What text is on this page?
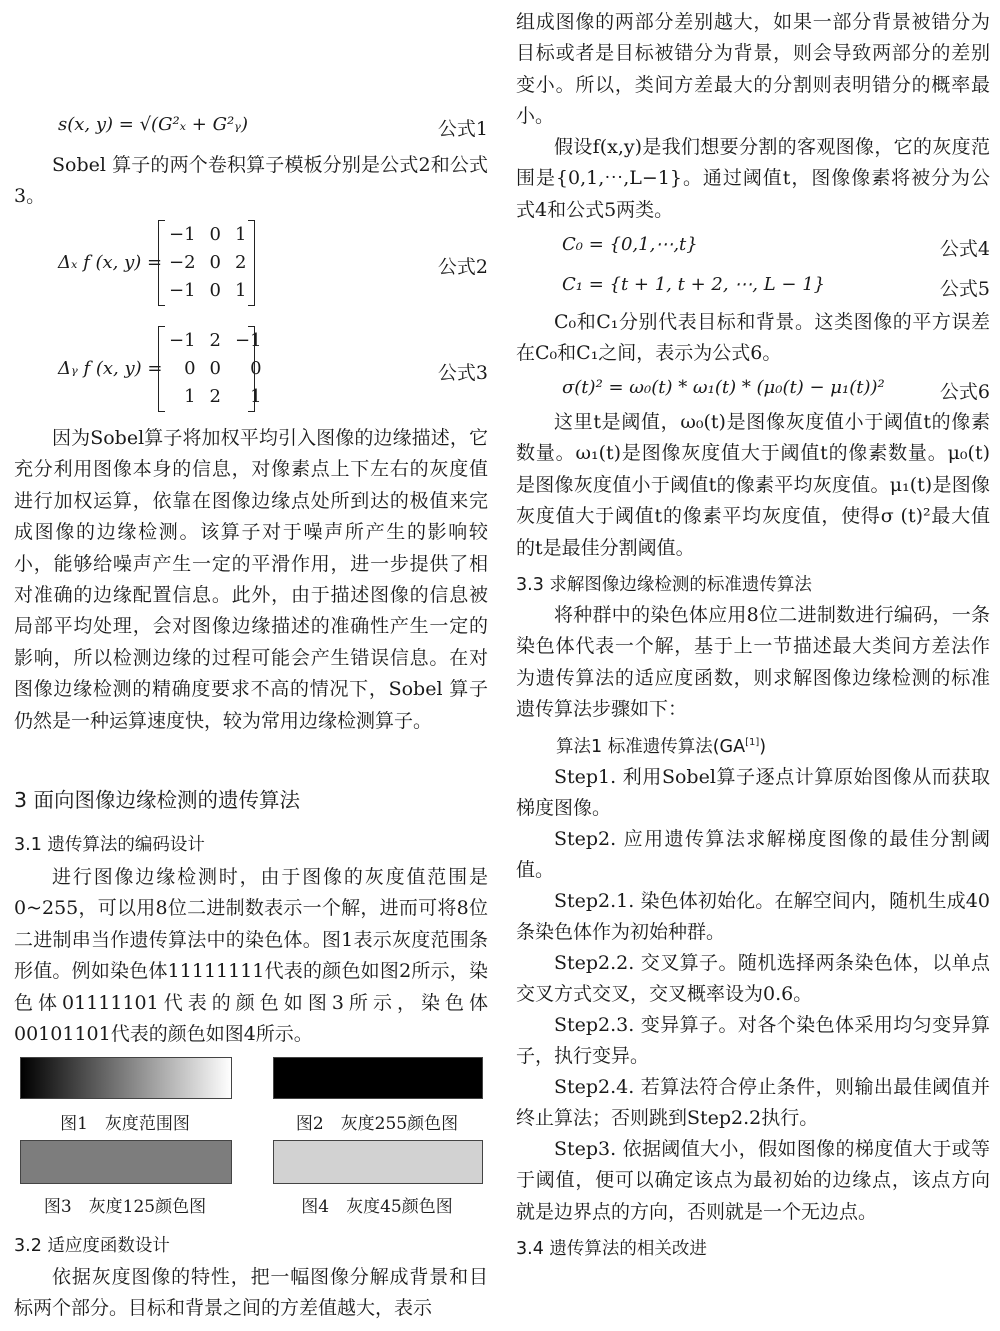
s(x, y) = √(G²ₓ + G²ᵧ)	公式1

Sobel 算子的两个卷积算子模板分别是公式2和公式3。

Δₓ f (x, y) =
−1	0	1
−2	0	2
−1	0	1
公式2
Δᵧ f (x, y) =
−1	2	−1
0	0	0
1	2	1
公式3

因为Sobel算子将加权平均引入图像的边缘描述，它充分利用图像本身的信息，对像素点上下左右的灰度值进行加权运算，依靠在图像边缘点处所到达的极值来完成图像的边缘检测。该算子对于噪声所产生的影响较小，能够给噪声产生一定的平滑作用，进一步提供了相对准确的边缘配置信息。此外，由于描述图像的信息被局部平均处理，会对图像边缘描述的准确性产生一定的影响，所以检测边缘的过程可能会产生错误信息。在对图像边缘检测的精确度要求不高的情况下，Sobel 算子仍然是一种运算速度快，较为常用边缘检测算子。

3 面向图像边缘检测的遗传算法
3.1 遗传算法的编码设计

进行图像边缘检测时，由于图像的灰度值范围是0~255，可以用8位二进制数表示一个解，进而可将8位二进制串当作遗传算法中的染色体。图1表示灰度范围条形值。例如染色体11111111代表的颜色如图2所示，染色体01111101代表的颜色如图3所示，染色体00101101代表的颜色如图4所示。

图1　灰度范围图	图2　灰度255颜色图
图3　灰度125颜色图	图4　灰度45颜色图
3.2 适应度函数设计

依据灰度图像的特性，把一幅图像分解成背景和目标两个部分。目标和背景之间的方差值越大，表示

组成图像的两部分差别越大，如果一部分背景被错分为目标或者是目标被错分为背景，则会导致两部分的差别变小。所以，类间方差最大的分割则表明错分的概率最小。

假设f(x,y)是我们想要分割的客观图像，它的灰度范围是{0,1,⋯,L−1}。通过阈值t，图像像素将被分为公式4和公式5两类。

C₀ = {0,1,⋯,t}	公式4
C₁ = {t + 1, t + 2, ⋯, L − 1}	公式5

C₀和C₁分别代表目标和背景。这类图像的平方误差在C₀和C₁之间，表示为公式6。

σ(t)² = ω₀(t) * ω₁(t) * (μ₀(t) − μ₁(t))²	公式6

这里t是阈值，ω₀(t)是图像灰度值小于阈值t的像素数量。ω₁(t)是图像灰度值大于阈值t的像素数量。μ₀(t)是图像灰度值小于阈值t的像素平均灰度值。μ₁(t)是图像灰度值大于阈值t的像素平均灰度值，使得σ (t)²最大值的t是最佳分割阈值。

3.3 求解图像边缘检测的标准遗传算法

将种群中的染色体应用8位二进制数进行编码，一条染色体代表一个解，基于上一节描述最大类间方差法作为遗传算法的适应度函数，则求解图像边缘检测的标准遗传算法步骤如下：

算法1 标准遗传算法(GA[1])

Step1. 利用Sobel算子逐点计算原始图像从而获取梯度图像。

Step2. 应用遗传算法求解梯度图像的最佳分割阈值。

Step2.1. 染色体初始化。在解空间内，随机生成40条染色体作为初始种群。

Step2.2. 交叉算子。随机选择两条染色体，以单点交叉方式交叉，交叉概率设为0.6。

Step2.3. 变异算子。对各个染色体采用均匀变异算子，执行变异。

Step2.4. 若算法符合停止条件，则输出最佳阈值并终止算法；否则跳到Step2.2执行。

Step3. 依据阈值大小，假如图像的梯度值大于或等于阈值，便可以确定该点为最初始的边缘点，该点方向就是边界点的方向，否则就是一个无边点。

3.4 遗传算法的相关改进
